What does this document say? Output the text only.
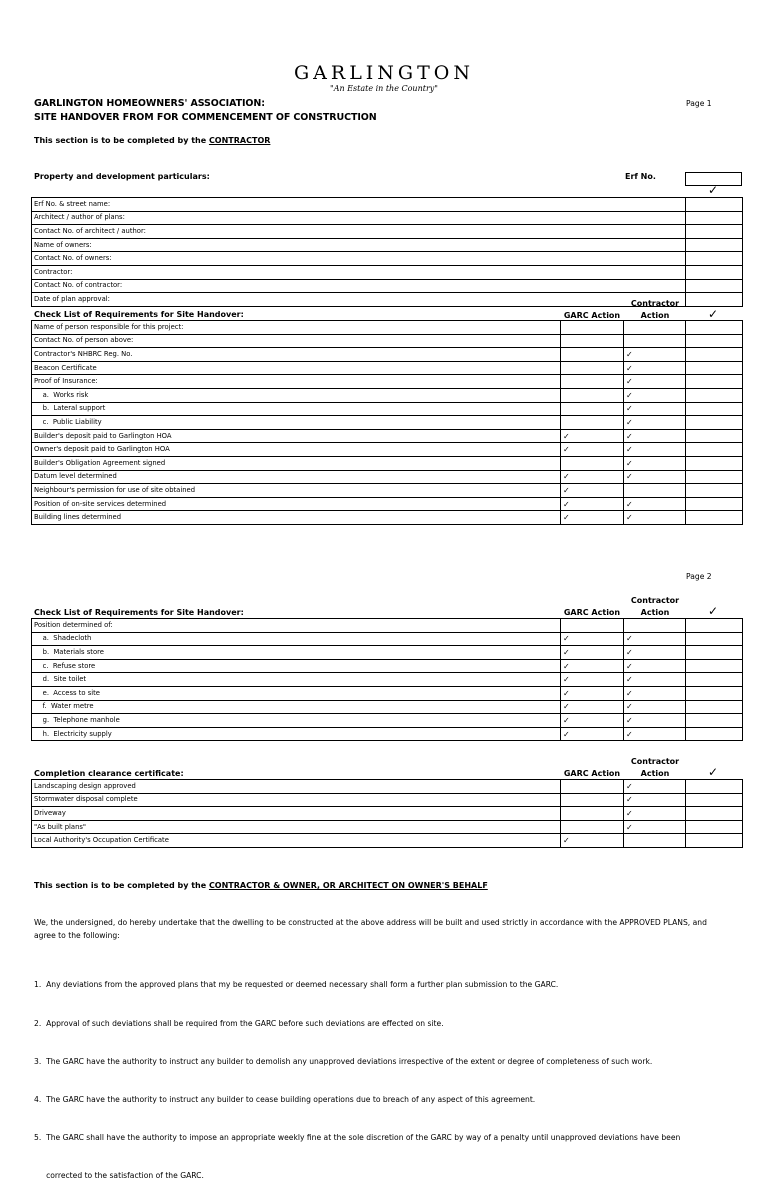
GARLINGTON
"An Estate in the Country"
GARLINGTON HOMEOWNERS' ASSOCIATION:
SITE HANDOVER FROM FOR COMMENCEMENT OF CONSTRUCTION
Page 1
This section is to be completed by the CONTRACTOR
Property and development particulars:	Erf No.
✓
Erf No. & street name:	
Architect / author of plans:	
Contact No. of architect / author:	
Name of owners:	
Contact No. of owners:	
Contractor:	
Contact No. of contractor:	
Date of plan approval:	
Check List of Requirements for Site Handover:	GARC Action
Contractor
Action	✓
Name of person responsible for this project:			
Contact No. of person above:			
Contractor's NHBRC Reg. No.		✓	
Beacon Certificate		✓	
Proof of Insurance:		✓	
a.  Works risk		✓	
b.  Lateral support		✓	
c.  Public Liability		✓	
Builder's deposit paid to Garlington HOA	✓	✓	
Owner's deposit paid to Garlington HOA	✓	✓	
Builder's Obligation Agreement signed		✓	
Datum level determined	✓	✓	
Neighbour's permission for use of site obtained	✓		
Position of on-site services determined	✓	✓	
Building lines determined	✓	✓	
Page 2
Check List of Requirements for Site Handover:	GARC Action
Contractor
Action	✓
Position determined of:			
a.  Shadecloth	✓	✓	
b.  Materials store	✓	✓	
c.  Refuse store	✓	✓	
d.  Site toilet	✓	✓	
e.  Access to site	✓	✓	
f.  Water metre	✓	✓	
g.  Telephone manhole	✓	✓	
h.  Electricity supply	✓	✓	
Completion clearance certificate:	GARC Action
Contractor
Action	✓
Landscaping design approved		✓	
Stormwater disposal complete		✓	
Driveway		✓	
"As built plans"		✓	
Local Authority's Occupation Certificate	✓		
This section is to be completed by the CONTRACTOR & OWNER, OR ARCHITECT ON OWNER'S BEHALF
We, the undersigned, do hereby undertake that the dwelling to be constructed at the above address will be built and used strictly in accordance with the APPROVED PLANS, and
agree to the following:

1.  Any deviations from the approved plans that my be requested or deemed necessary shall form a further plan submission to the GARC.

2.  Approval of such deviations shall be required from the GARC before such deviations are effected on site.

3.  The GARC have the authority to instruct any builder to demolish any unapproved deviations irrespective of the extent or degree of completeness of such work.

4.  The GARC have the authority to instruct any builder to cease building operations due to breach of any aspect of this agreement.

5.  The GARC shall have the authority to impose an appropriate weekly fine at the sole discretion of the GARC by way of a penalty until unapproved deviations have been

corrected to the satisfaction of the GARC.
